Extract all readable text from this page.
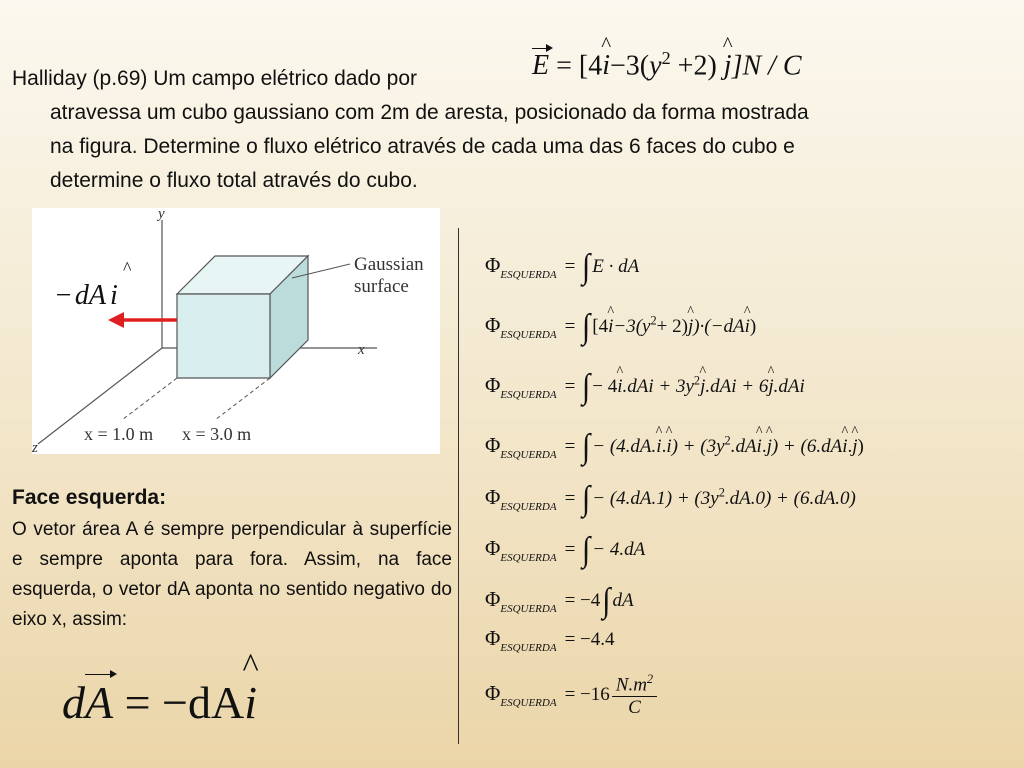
Halliday (p.69) Um campo elétrico dado por
atravessa um cubo gaussiano com 2m de aresta, posicionado da forma mostrada
na figura. Determine o fluxo elétrico através de cada uma das 6 faces do cubo e
determine o fluxo total através do cubo.
E = [4^ $i-3(y^2 +2)$ ^ j]N / C
y
x
z
Gaussian
surface
x = 1.0 m x = 3.0 m
−dA i
^
Face esquerda:
O vetor área A é sempre perpendicular à superfície e sempre aponta para fora. Assim, na face esquerda, o vetor dA aponta no sentido negativo do eixo x, assim:
dA = −dA^ i
$\Phi_{ESQUERDA}$ = ∫ E · dA
$\Phi_{ESQUERDA}$ = ∫ [4^ $i-3(y^2+$ 2)^ j)·(−dA^ i)
$\Phi_{ESQUERDA}$ = ∫ − 4^ $i.dAi + 3y^2\^{}$ j.dAi + 6^ j.dAi
$\Phi_{ESQUERDA}$ = ∫ − (4.dA.^ i.^ $i) + (3y^2.dA\^{}$ i.^ j) + (6.dA^ i.^ j)
$\Phi_{ESQUERDA}$ = ∫ − $(4.dA.1) + (3y^2.dA.0) + (6.dA.0)$
$\Phi_{ESQUERDA}$ = ∫ − 4.dA
$\Phi_{ESQUERDA} = -4\int$ dA
$\Phi_{ESQUERDA} = -4.4$
$\Phi_{ESQUERDA} = -16 \frac{N.m^2}{C}$
